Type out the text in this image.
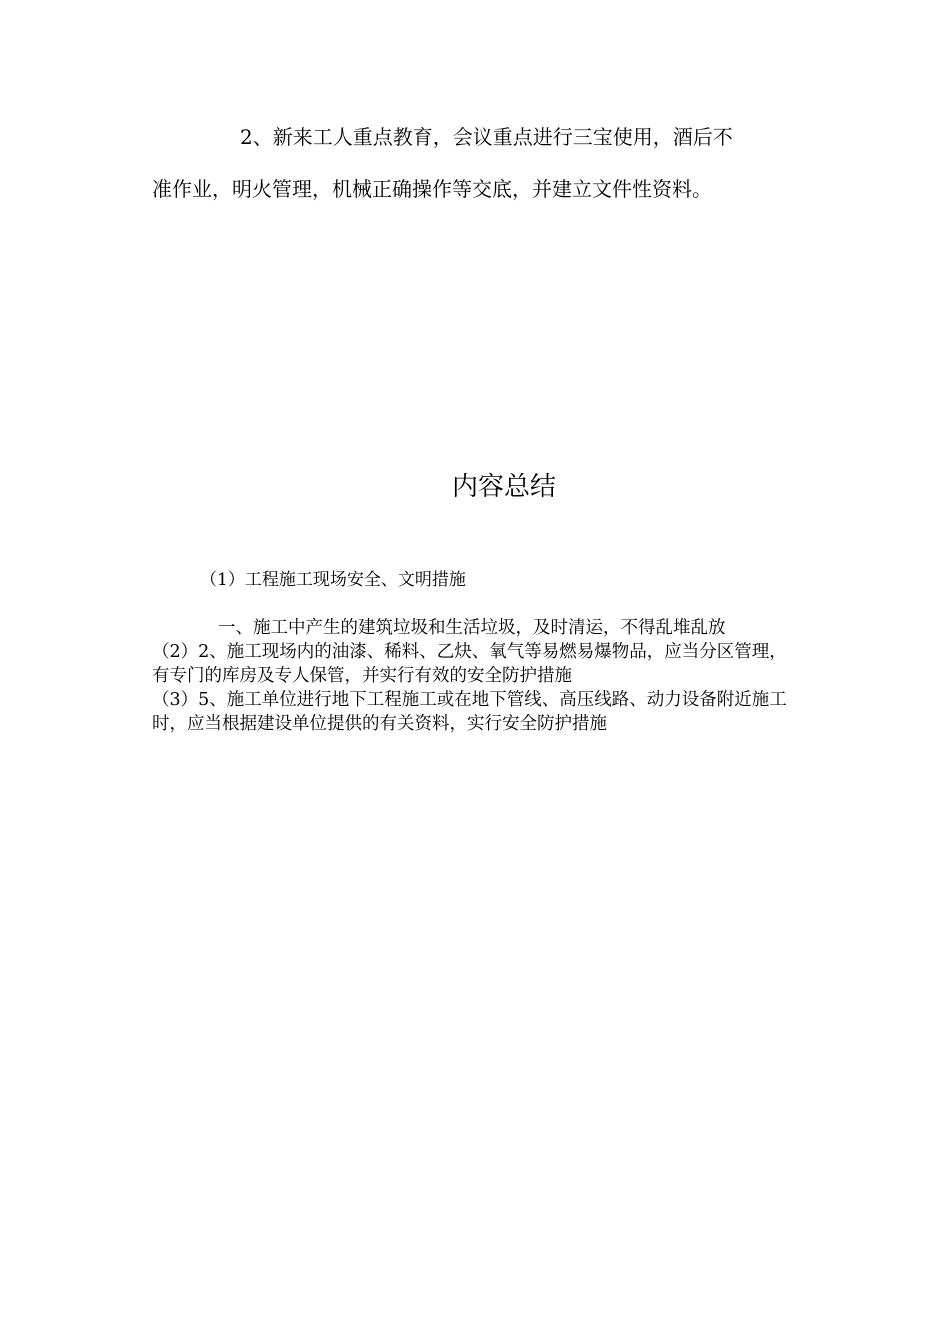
2、新来工人重点教育，会议重点进行三宝使用，酒后不
准作业，明火管理，机械正确操作等交底，并建立文件性资料。
内容总结
（1）工程施工现场安全、文明措施

一、施工中产生的建筑垃圾和生活垃圾，及时清运，不得乱堆乱放

（2）2、施工现场内的油漆、稀料、乙炔、氧气等易燃易爆物品，应当分区管理，有专门的库房及专人保管，并实行有效的安全防护措施

（3）5、施工单位进行地下工程施工或在地下管线、高压线路、动力设备附近施工时，应当根据建设单位提供的有关资料，实行安全防护措施
